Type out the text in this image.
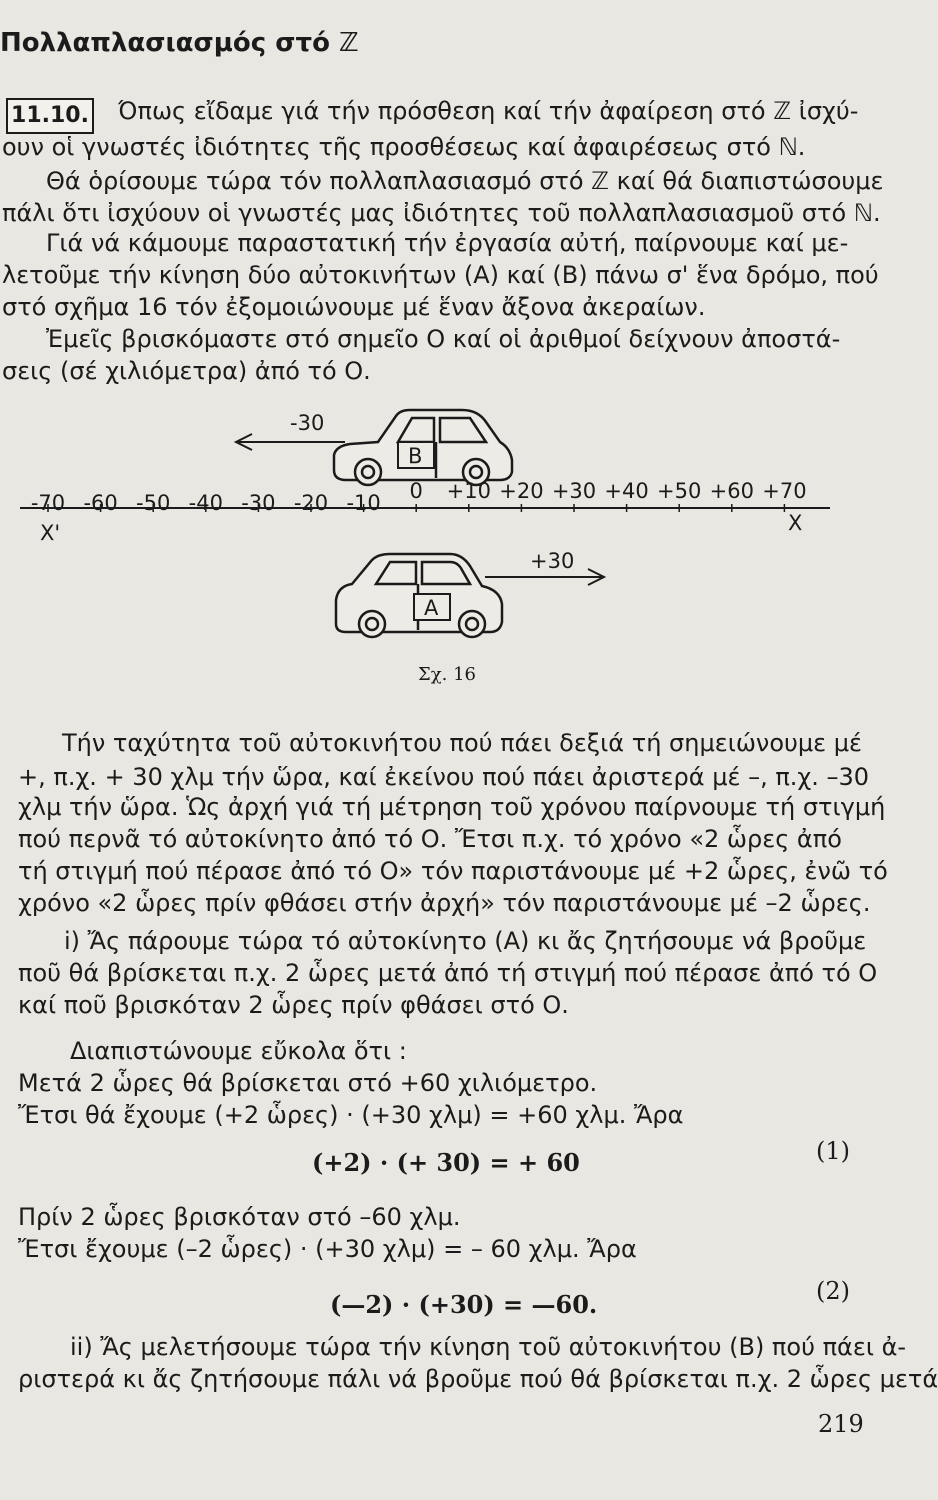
Πολλαπλασιασμός στό ℤ
11.10. Όπως εἴδαμε γιά τήν πρόσθεση καί τήν ἀφαίρεση στό ℤ ἰσχύ-
ουν οἱ γνωστές ἰδιότητες τῆς προσθέσεως καί ἀφαιρέσεως στό ℕ.
Θά ὁρίσουμε τώρα τόν πολλαπλασιασμό στό ℤ καί θά διαπιστώσουμε
πάλι ὅτι ἰσχύουν οἱ γνωστές μας ἰδιότητες τοῦ πολλαπλασιασμοῦ στό ℕ.
Γιά νά κάμουμε παραστατική τήν ἐργασία αὐτή, παίρνουμε καί με-
λετοῦμε τήν κίνηση δύο αὐτοκινήτων (Α) καί (Β) πάνω σ' ἕνα δρόμο, πού
στό σχῆμα 16 τόν ἐξομοιώνουμε μέ ἕναν ἄξονα ἀκεραίων.
Ἐμεῖς βρισκόμαστε στό σημεῖο Ο καί οἱ ἀριθμοί δείχνουν ἀποστά-
σεις (σέ χιλιόμετρα) ἀπό τό Ο.
-30
Β
-70 -60 -50 -40 -30 -20 -10 0 +10 +20 +30 +40 +50 +60 +70
Χ'	Χ
+30
Α
Σχ. 16
Τήν ταχύτητα τοῦ αὐτοκινήτου πού πάει δεξιά τή σημειώνουμε μέ
+, π.χ. + 30 χλμ τήν ὥρα, καί ἐκείνου πού πάει ἀριστερά μέ –, π.χ. –30
χλμ τήν ὥρα. Ὡς ἀρχή γιά τή μέτρηση τοῦ χρόνου παίρνουμε τή στιγμή
πού περνᾶ τό αὐτοκίνητο ἀπό τό Ο. Ἔτσι π.χ. τό χρόνο «2 ὧρες ἀπό
τή στιγμή πού πέρασε ἀπό τό Ο» τόν παριστάνουμε μέ +2 ὧρες, ἐνῶ τό
χρόνο «2 ὧρες πρίν φθάσει στήν ἀρχή» τόν παριστάνουμε μέ –2 ὧρες.
i) Ἄς πάρουμε τώρα τό αὐτοκίνητο (Α) κι ἄς ζητήσουμε νά βροῦμε
ποῦ θά βρίσκεται π.χ. 2 ὧρες μετά ἀπό τή στιγμή πού πέρασε ἀπό τό Ο
καί ποῦ βρισκόταν 2 ὧρες πρίν φθάσει στό Ο.
Διαπιστώνουμε εὔκολα ὅτι :
Μετά 2 ὧρες θά βρίσκεται στό +60 χιλιόμετρο.
Ἔτσι θά ἔχουμε (+2 ὧρες) · (+30 χλμ) = +60 χλμ. Ἄρα
(+2) · (+ 30) = + 60	(1)
Πρίν 2 ὧρες βρισκόταν στό –60 χλμ.
Ἔτσι ἔχουμε (–2 ὧρες) · (+30 χλμ) = – 60 χλμ. Ἄρα
(—2) · (+30) = —60.	(2)
ii) Ἄς μελετήσουμε τώρα τήν κίνηση τοῦ αὐτοκινήτου (Β) πού πάει ἀ-
ριστερά κι ἄς ζητήσουμε πάλι νά βροῦμε πού θά βρίσκεται π.χ. 2 ὧρες μετά
219
